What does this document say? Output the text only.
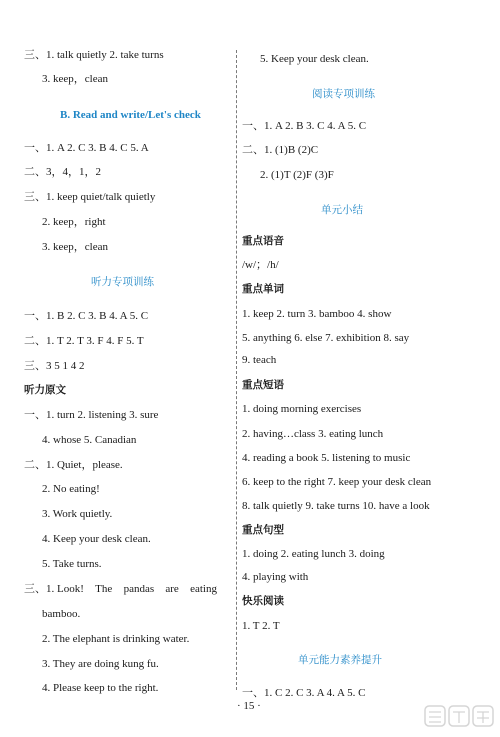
三、1. talk quietly 2. take turns
3. keep，clean
B. Read and write/Let's check
一、1. A 2. C 3. B 4. C 5. A
二、3，4，1，2
三、1. keep quiet/talk quietly
2. keep，right
3. keep，clean
听力专项训练
一、1. B 2. C 3. B 4. A 5. C
二、1. T 2. T 3. F 4. F 5. T
三、3 5 1 4 2
听力原文
一、1. turn 2. listening 3. sure
4. whose 5. Canadian
二、1. Quiet，please.
2. No eating!
3. Work quietly.
4. Keep your desk clean.
5. Take turns.
三、1. Look! The pandas are eating
bamboo.
2. The elephant is drinking water.
3. They are doing kung fu.
4. Please keep to the right.
5. Keep your desk clean.
阅读专项训练
一、1. A 2. B 3. C 4. A 5. C
二、1. (1)B (2)C
2. (1)T (2)F (3)F
单元小结
重点语音
/w/；/h/
重点单词
1. keep 2. turn 3. bamboo 4. show
5. anything 6. else 7. exhibition 8. say
9. teach
重点短语
1. doing morning exercises
2. having…class 3. eating lunch
4. reading a book 5. listening to music
6. keep to the right 7. keep your desk clean
8. talk quietly 9. take turns 10. have a look
重点句型
1. doing 2. eating lunch 3. doing
4. playing with
快乐阅读
1. T 2. T
单元能力素养提升
一、1. C 2. C 3. A 4. A 5. C
· 15 ·
